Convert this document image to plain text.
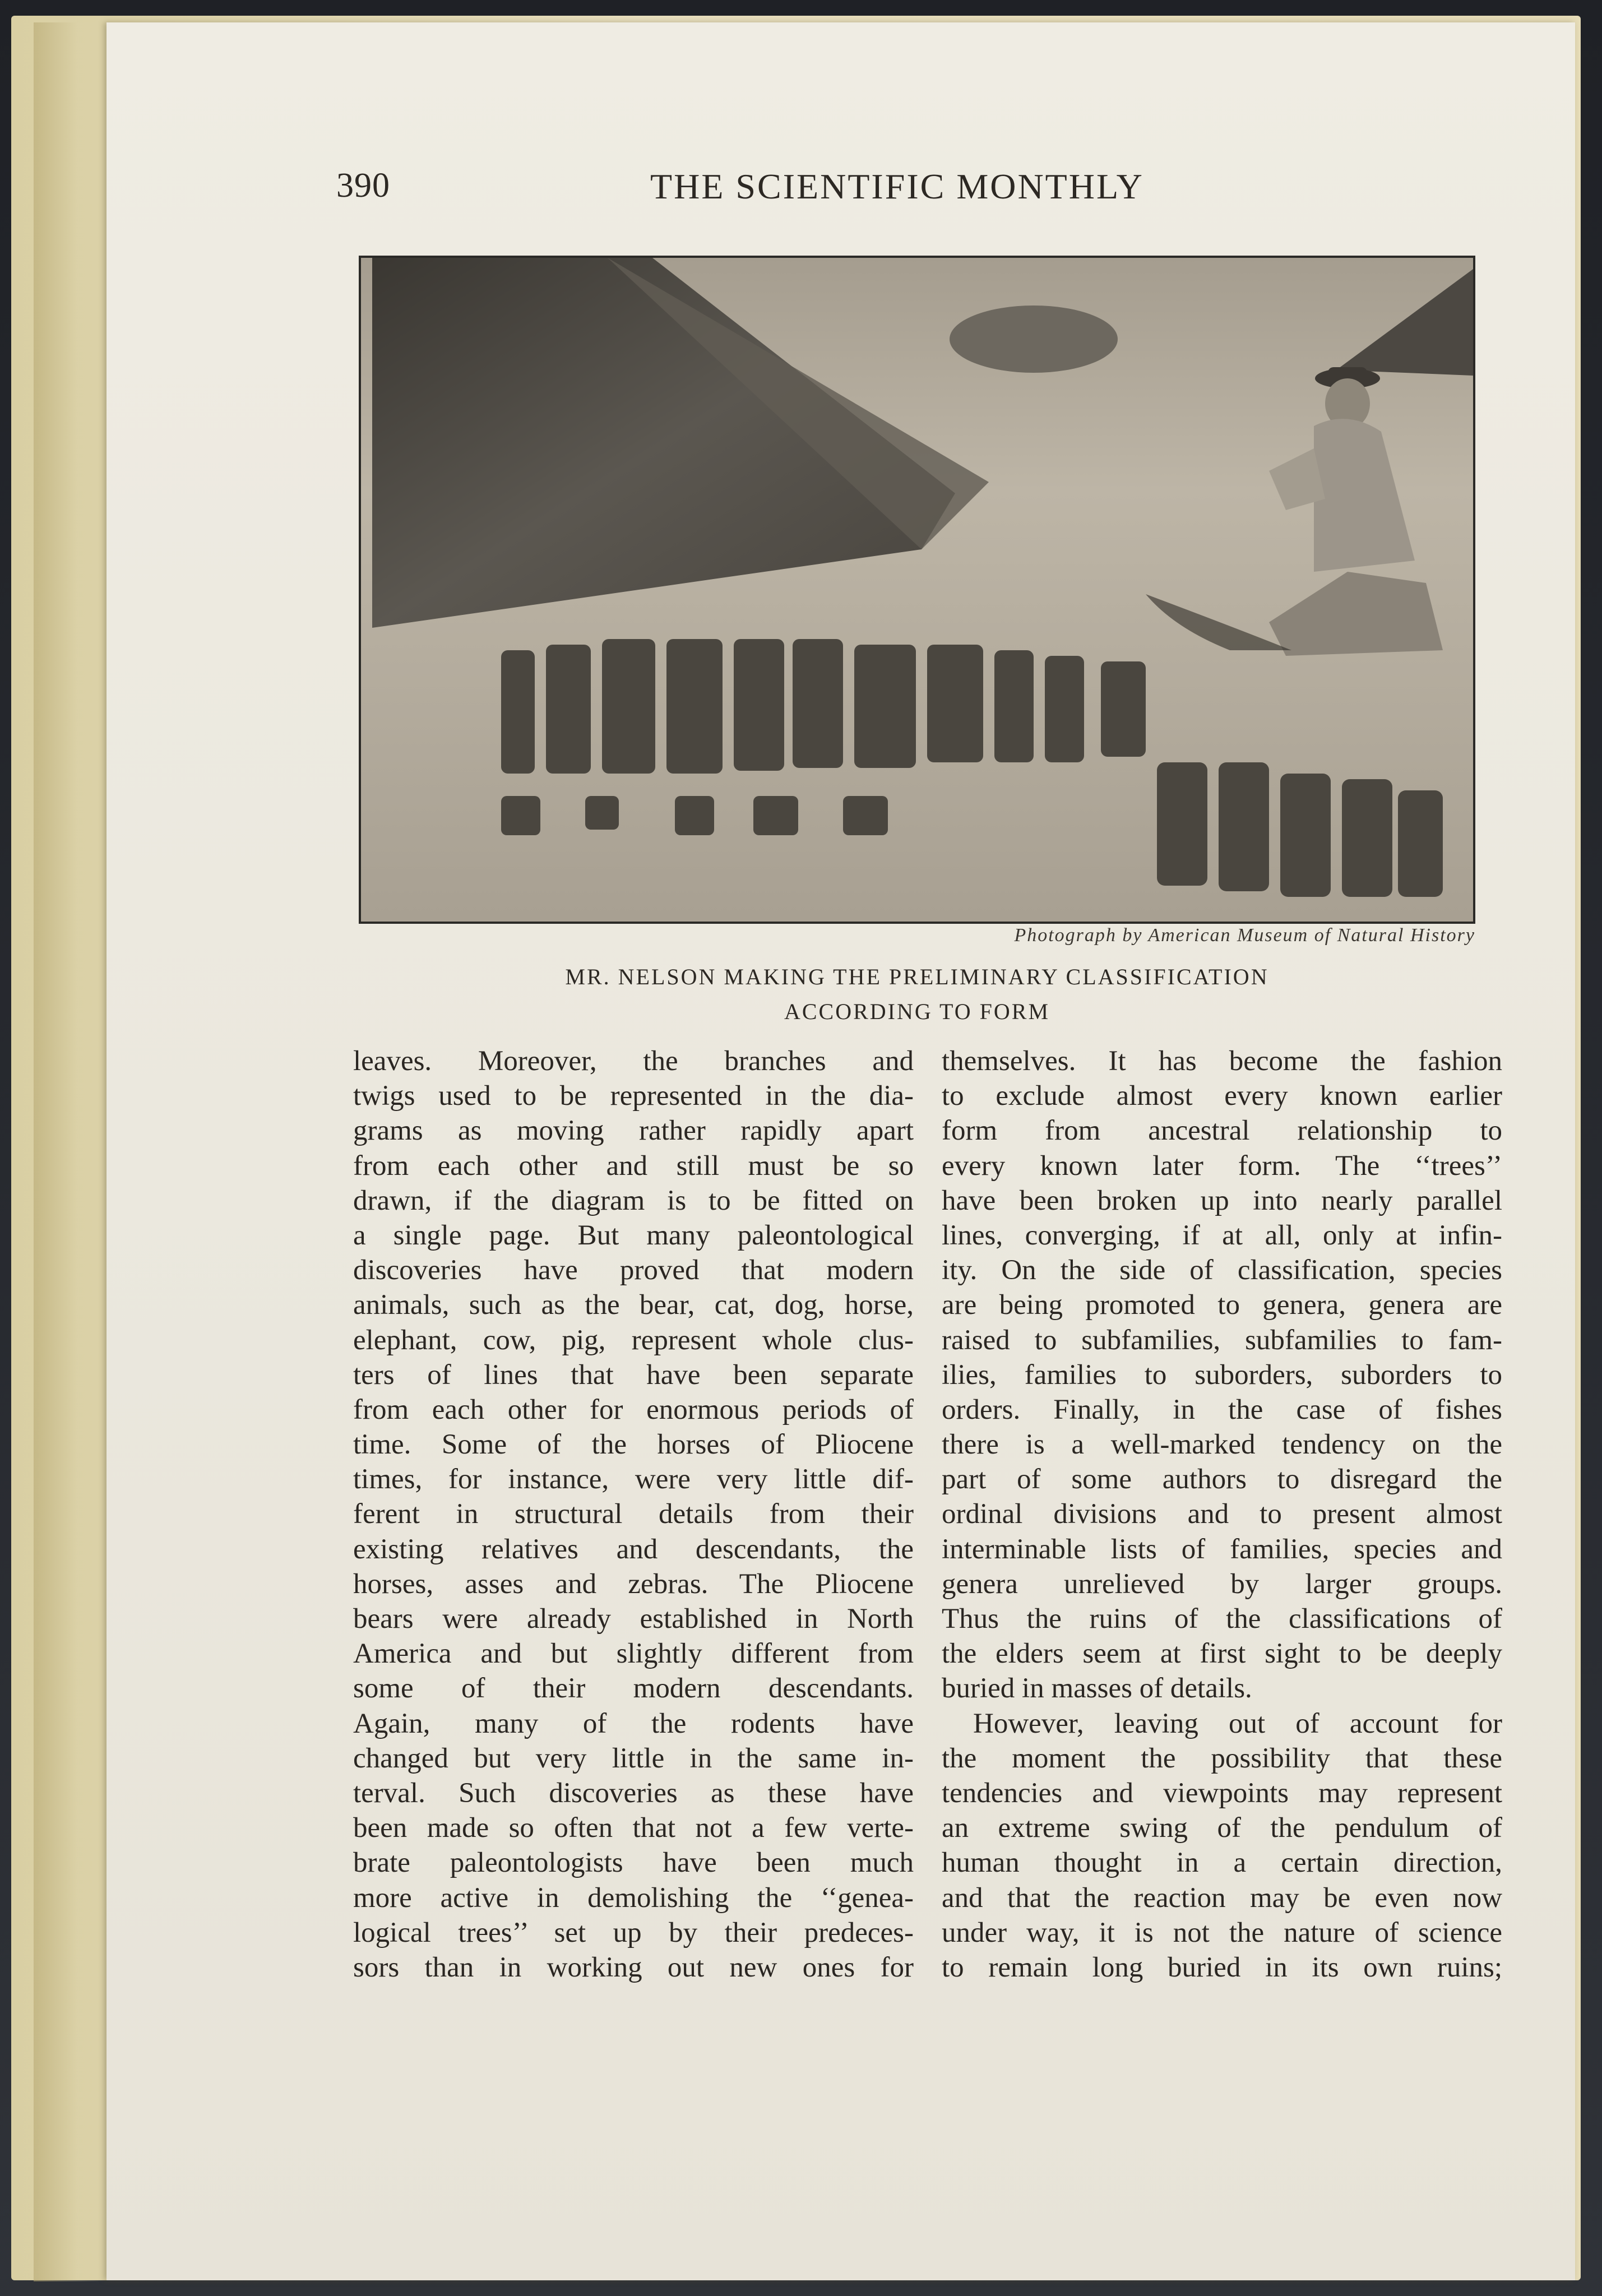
390	THE SCIENTIFIC MONTHLY
Photograph by American Museum of Natural History
MR. NELSON MAKING THE PRELIMINARY CLASSIFICATION
ACCORDING TO FORM
leaves. Moreover, the branches and
twigs used to be represented in the dia-
grams as moving rather rapidly apart
from each other and still must be so
drawn, if the diagram is to be fitted on
a single page. But many paleontological
discoveries have proved that modern
animals, such as the bear, cat, dog, horse,
elephant, cow, pig, represent whole clus-
ters of lines that have been separate
from each other for enormous periods of
time. Some of the horses of Pliocene
times, for instance, were very little dif-
ferent in structural details from their
existing relatives and descendants, the
horses, asses and zebras. The Pliocene
bears were already established in North
America and but slightly different from
some of their modern descendants.
Again, many of the rodents have
changed but very little in the same in-
terval. Such discoveries as these have
been made so often that not a few verte-
brate paleontologists have been much
more active in demolishing the ‘‘genea-
logical trees’’ set up by their predeces-
sors than in working out new ones for
themselves. It has become the fashion
to exclude almost every known earlier
form from ancestral relationship to
every known later form. The ‘‘trees’’
have been broken up into nearly parallel
lines, converging, if at all, only at infin-
ity. On the side of classification, species
are being promoted to genera, genera are
raised to subfamilies, subfamilies to fam-
ilies, families to suborders, suborders to
orders. Finally, in the case of fishes
there is a well-marked tendency on the
part of some authors to disregard the
ordinal divisions and to present almost
interminable lists of families, species and
genera unrelieved by larger groups.
Thus the ruins of the classifications of
the elders seem at first sight to be deeply
buried in masses of details.
However, leaving out of account for
the moment the possibility that these
tendencies and viewpoints may represent
an extreme swing of the pendulum of
human thought in a certain direction,
and that the reaction may be even now
under way, it is not the nature of science
to remain long buried in its own ruins;
